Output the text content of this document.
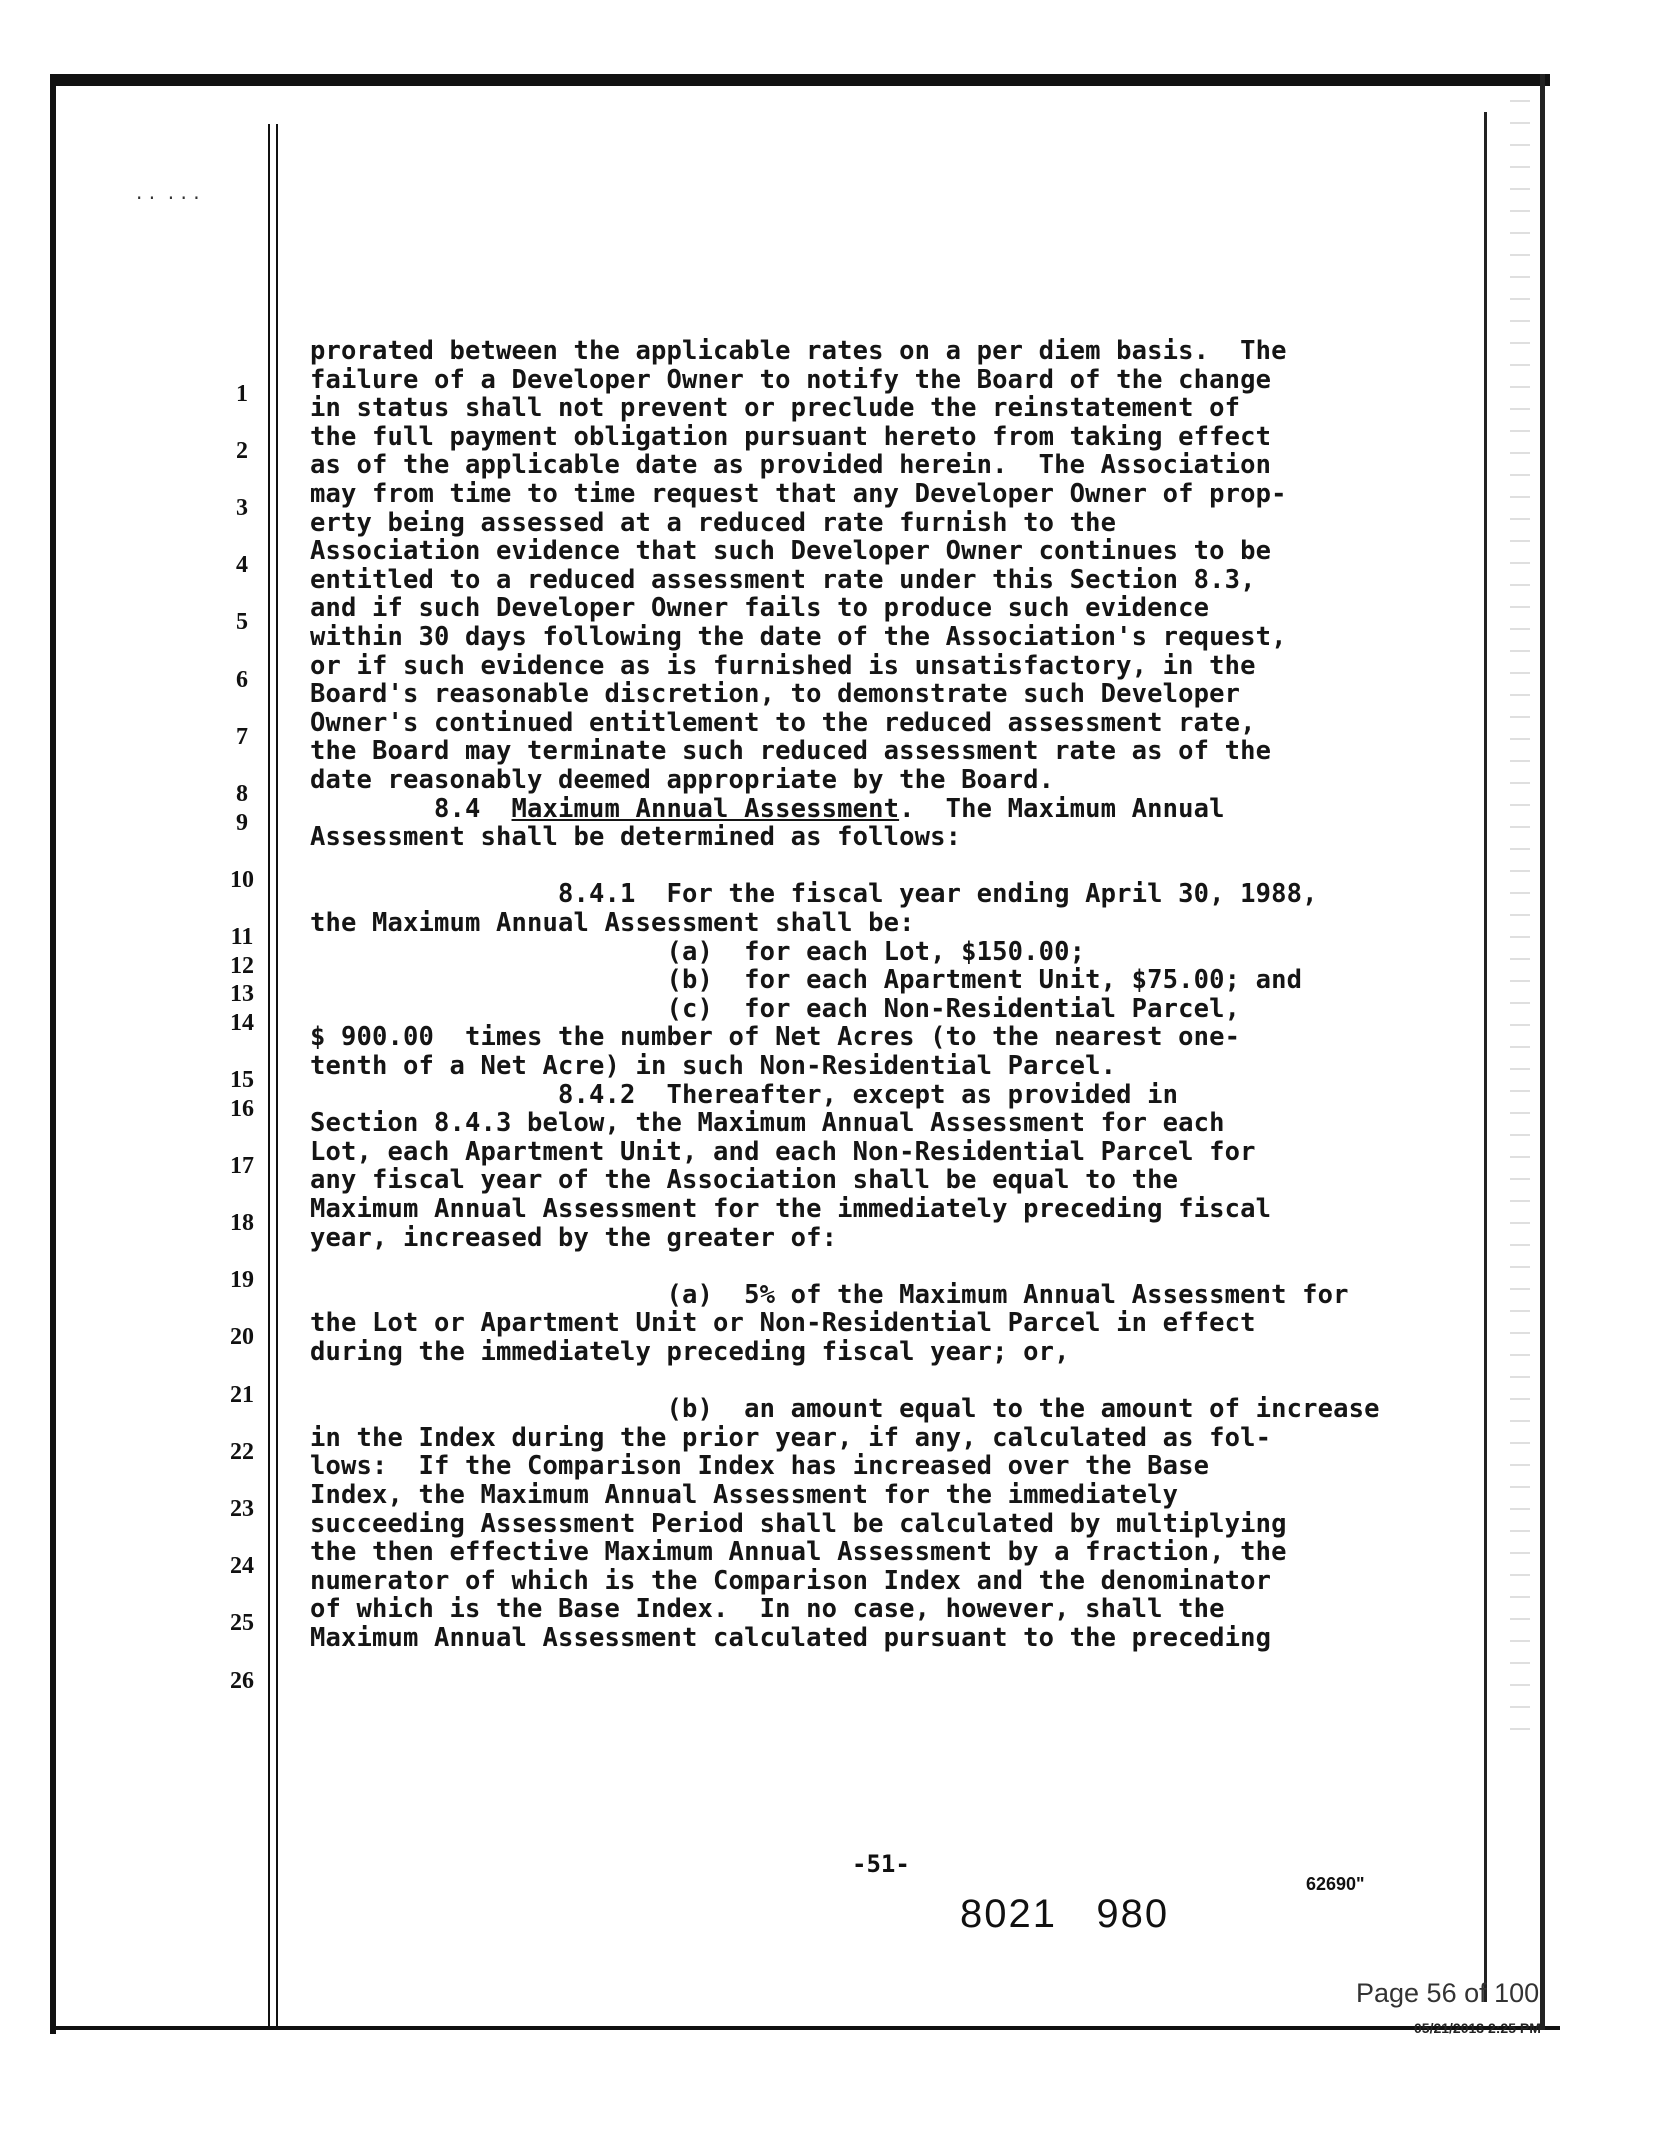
· ·  · · ·
prorated between the applicable rates on a per diem basis.  The
1	failure of a Developer Owner to notify the Board of the change
in status shall not prevent or preclude the reinstatement of
2	the full payment obligation pursuant hereto from taking effect
as of the applicable date as provided herein.  The Association
3	may from time to time request that any Developer Owner of prop-
erty being assessed at a reduced rate furnish to the
4	Association evidence that such Developer Owner continues to be
entitled to a reduced assessment rate under this Section 8.3,
5	and if such Developer Owner fails to produce such evidence
within 30 days following the date of the Association's request,
6	or if such evidence as is furnished is unsatisfactory, in the
Board's reasonable discretion, to demonstrate such Developer
7	Owner's continued entitlement to the reduced assessment rate,
the Board may terminate such reduced assessment rate as of the
8	date reasonably deemed appropriate by the Board.
9	8.4  Maximum Annual Assessment.  The Maximum Annual
Assessment shall be determined as follows:
10	8.4.1  For the fiscal year ending April 30, 1988,
11	the Maximum Annual Assessment shall be:
12	(a)  for each Lot, $150.00;
13	(b)  for each Apartment Unit, $75.00; and
14	(c)  for each Non-Residential Parcel,
$ 900.00  times the number of Net Acres (to the nearest one-
15	tenth of a Net Acre) in such Non-Residential Parcel.
16	8.4.2  Thereafter, except as provided in
Section 8.4.3 below, the Maximum Annual Assessment for each
17	Lot, each Apartment Unit, and each Non-Residential Parcel for
any fiscal year of the Association shall be equal to the
18	Maximum Annual Assessment for the immediately preceding fiscal
year, increased by the greater of:
19	(a)  5% of the Maximum Annual Assessment for
20	the Lot or Apartment Unit or Non-Residential Parcel in effect
during the immediately preceding fiscal year; or,
21	(b)  an amount equal to the amount of increase
22	in the Index during the prior year, if any, calculated as fol-
lows:  If the Comparison Index has increased over the Base
23	Index, the Maximum Annual Assessment for the immediately
succeeding Assessment Period shall be calculated by multiplying
24	the then effective Maximum Annual Assessment by a fraction, the
numerator of which is the Comparison Index and the denominator
25	of which is the Base Index.  In no case, however, shall the
Maximum Annual Assessment calculated pursuant to the preceding
26
-51-
8021   980
62690"
Page 56 of 100
05/21/2013 2:25 PM
